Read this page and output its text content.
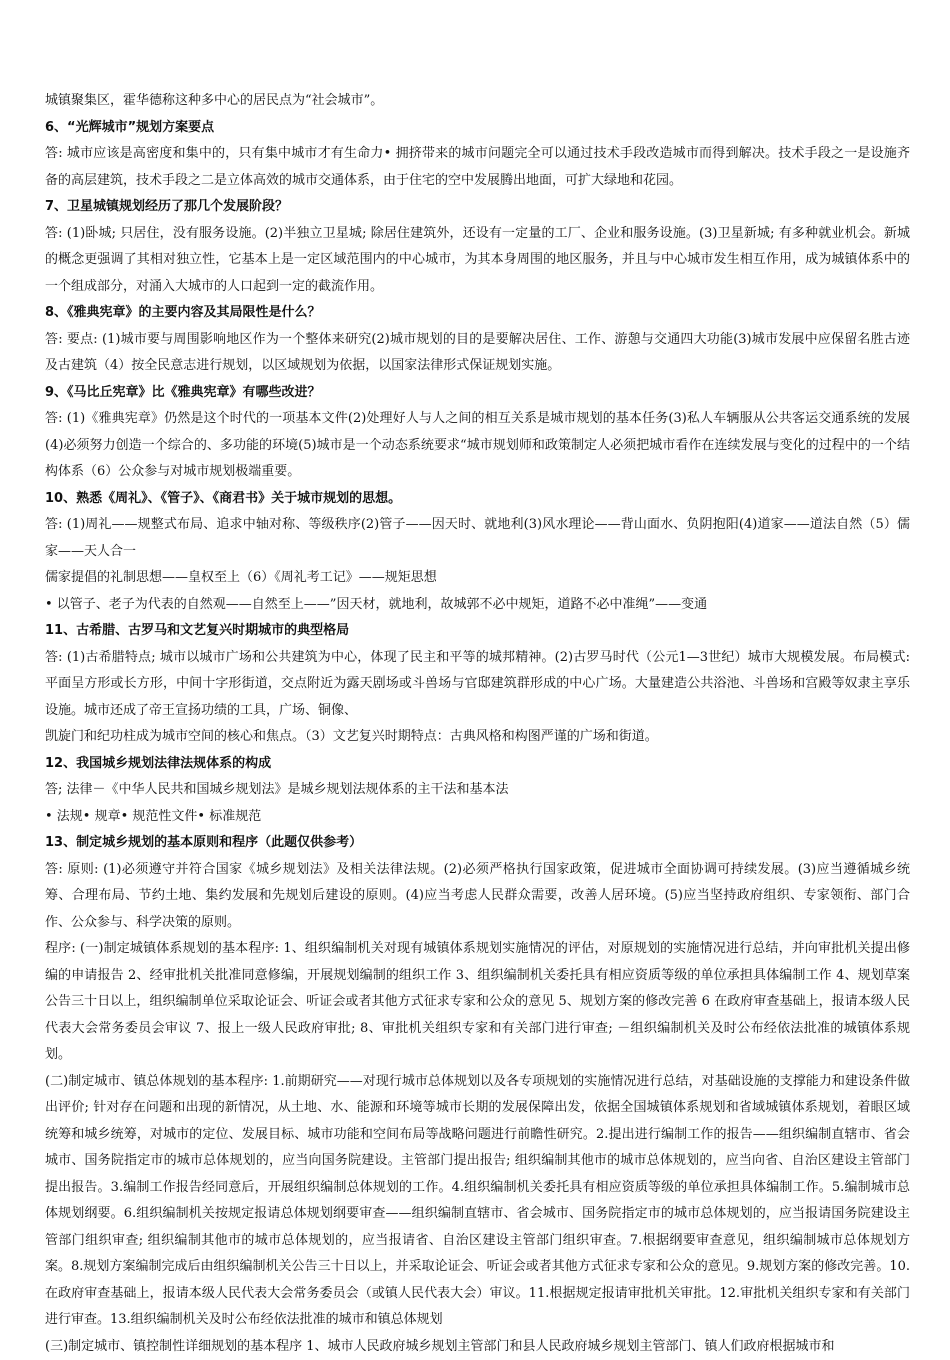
城镇聚集区，霍华德称这种多中心的居民点为“社会城市”。

6、“光辉城市”规划方案要点

答: 城市应该是高密度和集中的，只有集中城市才有生命力• 拥挤带来的城市问题完全可以通过技术手段改造城市而得到解决。技术手段之一是设施齐备的高层建筑，技术手段之二是立体高效的城市交通体系，由于住宅的空中发展腾出地面，可扩大绿地和花园。

7、卫星城镇规划经历了那几个发展阶段？

答: (1)卧城; 只居住，没有服务设施。(2)半独立卫星城; 除居住建筑外，还设有一定量的工厂、企业和服务设施。(3)卫星新城; 有多种就业机会。新城的概念更强调了其相对独立性，它基本上是一定区域范围内的中心城市，为其本身周围的地区服务，并且与中心城市发生相互作用，成为城镇体系中的一个组成部分，对涌入大城市的人口起到一定的截流作用。

8、《雅典宪章》的主要内容及其局限性是什么？

答: 要点: (1)城市要与周围影响地区作为一个整体来研究(2)城市规划的目的是要解决居住、工作、游憩与交通四大功能(3)城市发展中应保留名胜古迹及古建筑（4）按全民意志进行规划，以区域规划为依据，以国家法律形式保证规划实施。

9、《马比丘宪章》比《雅典宪章》有哪些改进？

答: (1)《雅典宪章》仍然是这个时代的一项基本文件(2)处理好人与人之间的相互关系是城市规划的基本任务(3)私人车辆服从公共客运交通系统的发展(4)必须努力创造一个综合的、多功能的环境(5)城市是一个动态系统要求“城市规划师和政策制定人必须把城市看作在连续发展与变化的过程中的一个结构体系（6）公众参与对城市规划极端重要。

10、熟悉《周礼》、《管子》、《商君书》关于城市规划的思想。

答: (1)周礼——规整式布局、追求中轴对称、等级秩序(2)管子——因天时、就地利(3)风水理论——背山面水、负阴抱阳(4)道家——道法自然（5）儒家——天人合一

儒家提倡的礼制思想——皇权至上（6）《周礼考工记》——规矩思想

• 以管子、老子为代表的自然观——自然至上——”因天材，就地利，故城郭不必中规矩，道路不必中准绳”——变通

11、古希腊、古罗马和文艺复兴时期城市的典型格局

答: (1)古希腊特点; 城市以城市广场和公共建筑为中心，体现了民主和平等的城邦精神。(2)古罗马时代（公元1—3世纪）城市大规模发展。布局模式: 平面呈方形或长方形，中间十字形街道，交点附近为露天剧场或斗兽场与官邸建筑群形成的中心广场。大量建造公共浴池、斗兽场和宫殿等奴隶主享乐设施。城市还成了帝王宣扬功绩的工具，广场、铜像、

凯旋门和纪功柱成为城市空间的核心和焦点。（3）文艺复兴时期特点：古典风格和构图严谨的广场和街道。

12、我国城乡规划法律法规体系的构成

答; 法律－《中华人民共和国城乡规划法》是城乡规划法规体系的主干法和基本法

• 法规• 规章• 规范性文件• 标准规范

13、制定城乡规划的基本原则和程序（此题仅供参考）

答: 原则: (1)必须遵守并符合国家《城乡规划法》及相关法律法规。(2)必须严格执行国家政策，促进城市全面协调可持续发展。(3)应当遵循城乡统筹、合理布局、节约土地、集约发展和先规划后建设的原则。(4)应当考虑人民群众需要，改善人居环境。(5)应当坚持政府组织、专家领衔、部门合作、公众参与、科学决策的原则。

程序: (一)制定城镇体系规划的基本程序: 1、组织编制机关对现有城镇体系规划实施情况的评估，对原规划的实施情况进行总结，并向审批机关提出修编的申请报告 2、经审批机关批准同意修编，开展规划编制的组织工作 3、组织编制机关委托具有相应资质等级的单位承担具体编制工作 4、规划草案公告三十日以上，组织编制单位采取论证会、听证会或者其他方式征求专家和公众的意见 5、规划方案的修改完善 6 在政府审查基础上，报请本级人民代表大会常务委员会审议 7、报上一级人民政府审批; 8、审批机关组织专家和有关部门进行审查; －组织编制机关及时公布经依法批准的城镇体系规划。

(二)制定城市、镇总体规划的基本程序: 1.前期研究——对现行城市总体规划以及各专项规划的实施情况进行总结，对基础设施的支撑能力和建设条件做出评价; 针对存在问题和出现的新情况，从土地、水、能源和环境等城市长期的发展保障出发，依据全国城镇体系规划和省域城镇体系规划，着眼区域统筹和城乡统筹，对城市的定位、发展目标、城市功能和空间布局等战略问题进行前瞻性研究。2.提出进行编制工作的报告——组织编制直辖市、省会城市、国务院指定市的城市总体规划的，应当向国务院建设。主管部门提出报告; 组织编制其他市的城市总体规划的，应当向省、自治区建设主管部门提出报告。3.编制工作报告经同意后，开展组织编制总体规划的工作。4.组织编制机关委托具有相应资质等级的单位承担具体编制工作。5.编制城市总体规划纲要。6.组织编制机关按规定报请总体规划纲要审查——组织编制直辖市、省会城市、国务院指定市的城市总体规划的，应当报请国务院建设主管部门组织审查; 组织编制其他市的城市总体规划的，应当报请省、自治区建设主管部门组织审查。7.根据纲要审查意见，组织编制城市总体规划方案。8.规划方案编制完成后由组织编制机关公告三十日以上，并采取论证会、听证会或者其他方式征求专家和公众的意见。9.规划方案的修改完善。10.在政府审查基础上，报请本级人民代表大会常务委员会（或镇人民代表大会）审议。11.根据规定报请审批机关审批。12.审批机关组织专家和有关部门进行审查。13.组织编制机关及时公布经依法批准的城市和镇总体规划

(三)制定城市、镇控制性详细规划的基本程序 1、城市人民政府城乡规划主管部门和县人民政府城乡规划主管部门、镇人们政府根据城市和
